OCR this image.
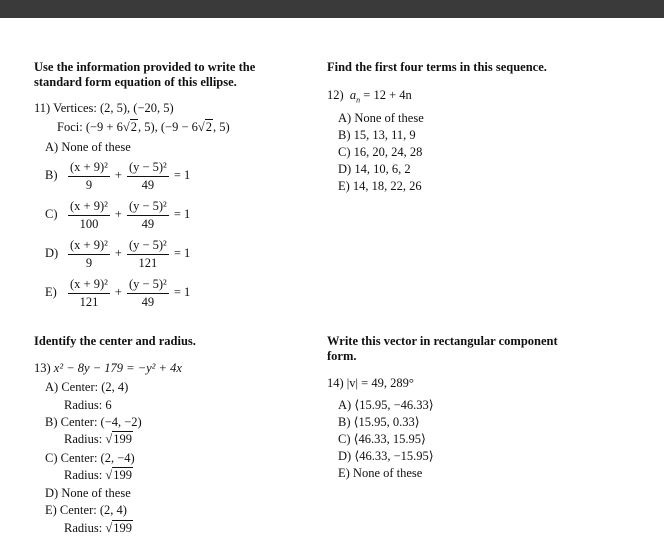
Use the information provided to write the standard form equation of this ellipse.
11) Vertices: (2, 5), (−20, 5)
Foci: (−9 + 6√2, 5), (−9 − 6√2, 5)
A) None of these
$B) \frac{\text{(x + 9)²}}{9} + \frac{\text{(y − 5)²}}{49} = 1$
$C) \frac{\text{(x + 9)²}}{100} + \frac{\text{(y − 5)²}}{49} = 1$
$D) \frac{\text{(x + 9)²}}{9} + \frac{\text{(y − 5)²}}{121} = 1$
$E) \frac{\text{(x + 9)²}}{121} + \frac{\text{(y − 5)²}}{49} = 1$
Find the first four terms in this sequence.
12) $a_n = 12 + 4n$
A) None of these
B) 15, 13, 11, 9
C) 16, 20, 24, 28
D) 14, 10, 6, 2
E) 14, 18, 22, 26
Identify the center and radius.
13) x² − 8y − 179 = −y² + 4x
A) Center: (2, 4)
Radius: 6
B) Center: (−4, −2)
Radius: √199
C) Center: (2, −4)
Radius: √199
D) None of these
E) Center: (2, 4)
Radius: √199
Write this vector in rectangular component form.
14) |v| = 49, 289°
A) ⟨15.95, −46.33⟩
B) ⟨15.95, 0.33⟩
C) ⟨46.33, 15.95⟩
D) ⟨46.33, −15.95⟩
E) None of these
